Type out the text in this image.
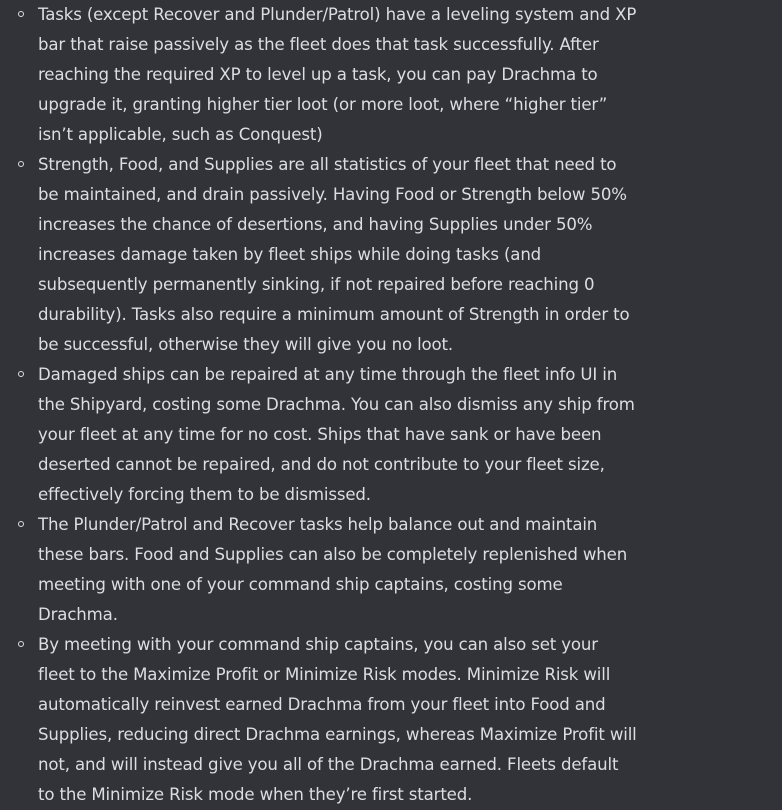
Tasks (except Recover and Plunder/Patrol) have a leveling system and XP bar that raise passively as the fleet does that task successfully. After reaching the required XP to level up a task, you can pay Drachma to upgrade it, granting higher tier loot (or more loot, where “higher tier” isn’t applicable, such as Conquest)
Strength, Food, and Supplies are all statistics of your fleet that need to be maintained, and drain passively. Having Food or Strength below 50% increases the chance of desertions, and having Supplies under 50% increases damage taken by fleet ships while doing tasks (and subsequently permanently sinking, if not repaired before reaching 0 durability). Tasks also require a minimum amount of Strength in order to be successful, otherwise they will give you no loot.
Damaged ships can be repaired at any time through the fleet info UI in the Shipyard, costing some Drachma. You can also dismiss any ship from your fleet at any time for no cost. Ships that have sank or have been deserted cannot be repaired, and do not contribute to your fleet size, effectively forcing them to be dismissed.
The Plunder/Patrol and Recover tasks help balance out and maintain these bars. Food and Supplies can also be completely replenished when meeting with one of your command ship captains, costing some Drachma.
By meeting with your command ship captains, you can also set your fleet to the Maximize Profit or Minimize Risk modes. Minimize Risk will automatically reinvest earned Drachma from your fleet into Food and Supplies, reducing direct Drachma earnings, whereas Maximize Profit will not, and will instead give you all of the Drachma earned. Fleets default to the Minimize Risk mode when they’re first started.
